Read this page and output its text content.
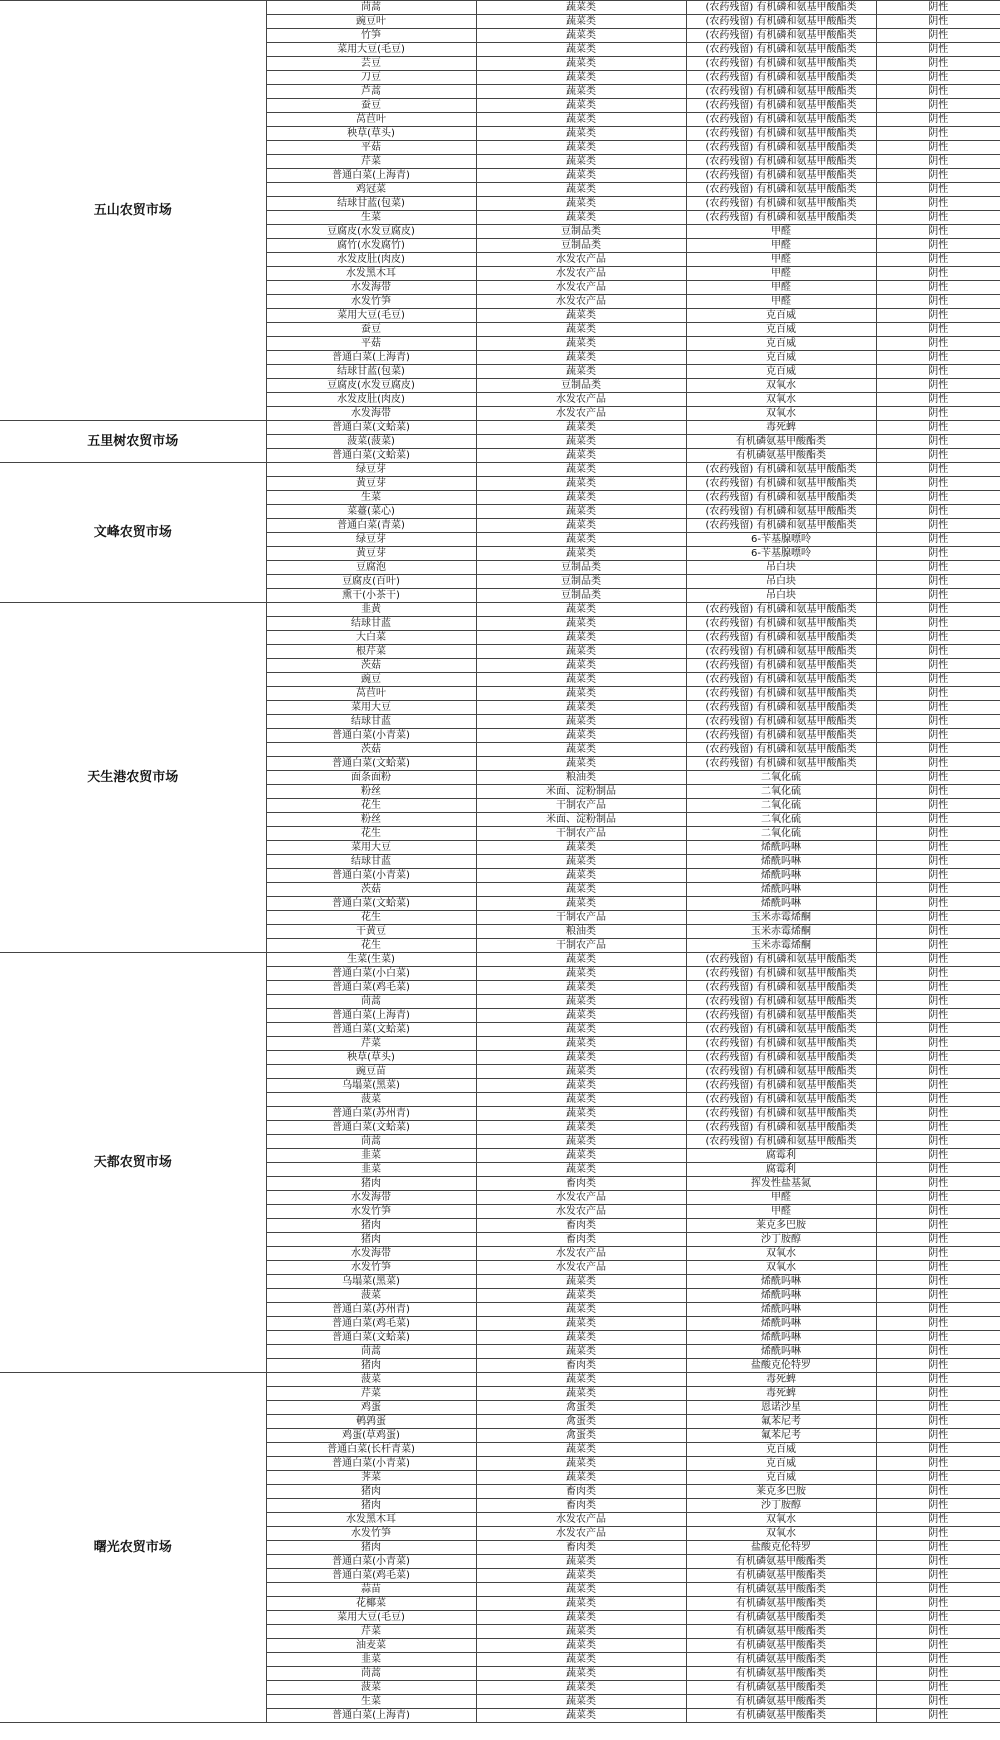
五山农贸市场	茼蒿	蔬菜类	(农药残留) 有机磷和氨基甲酸酯类	阴性
	豌豆叶	蔬菜类	(农药残留) 有机磷和氨基甲酸酯类	阴性
	竹笋	蔬菜类	(农药残留) 有机磷和氨基甲酸酯类	阴性
	菜用大豆(毛豆)	蔬菜类	(农药残留) 有机磷和氨基甲酸酯类	阴性
	芸豆	蔬菜类	(农药残留) 有机磷和氨基甲酸酯类	阴性
	刀豆	蔬菜类	(农药残留) 有机磷和氨基甲酸酯类	阴性
	芦蒿	蔬菜类	(农药残留) 有机磷和氨基甲酸酯类	阴性
	蚕豆	蔬菜类	(农药残留) 有机磷和氨基甲酸酯类	阴性
	莴苣叶	蔬菜类	(农药残留) 有机磷和氨基甲酸酯类	阴性
	秧草(草头)	蔬菜类	(农药残留) 有机磷和氨基甲酸酯类	阴性
	平菇	蔬菜类	(农药残留) 有机磷和氨基甲酸酯类	阴性
	芹菜	蔬菜类	(农药残留) 有机磷和氨基甲酸酯类	阴性
	普通白菜(上海青)	蔬菜类	(农药残留) 有机磷和氨基甲酸酯类	阴性
	鸡冠菜	蔬菜类	(农药残留) 有机磷和氨基甲酸酯类	阴性
	结球甘蓝(包菜)	蔬菜类	(农药残留) 有机磷和氨基甲酸酯类	阴性
	生菜	蔬菜类	(农药残留) 有机磷和氨基甲酸酯类	阴性
	豆腐皮(水发豆腐皮)	豆制品类	甲醛	阴性
	腐竹(水发腐竹)	豆制品类	甲醛	阴性
	水发皮肚(肉皮)	水发农产品	甲醛	阴性
	水发黑木耳	水发农产品	甲醛	阴性
	水发海带	水发农产品	甲醛	阴性
	水发竹笋	水发农产品	甲醛	阴性
	菜用大豆(毛豆)	蔬菜类	克百威	阴性
	蚕豆	蔬菜类	克百威	阴性
	平菇	蔬菜类	克百威	阴性
	普通白菜(上海青)	蔬菜类	克百威	阴性
	结球甘蓝(包菜)	蔬菜类	克百威	阴性
	豆腐皮(水发豆腐皮)	豆制品类	双氧水	阴性
	水发皮肚(肉皮)	水发农产品	双氧水	阴性
	水发海带	水发农产品	双氧水	阴性
五里树农贸市场	普通白菜(文蛤菜)	蔬菜类	毒死蜱	阴性
	菠菜(菠菜)	蔬菜类	有机磷氨基甲酸酯类	阴性
	普通白菜(文蛤菜)	蔬菜类	有机磷氨基甲酸酯类	阴性
文峰农贸市场	绿豆芽	蔬菜类	(农药残留) 有机磷和氨基甲酸酯类	阴性
	黄豆芽	蔬菜类	(农药残留) 有机磷和氨基甲酸酯类	阴性
	生菜	蔬菜类	(农药残留) 有机磷和氨基甲酸酯类	阴性
	菜薹(菜心)	蔬菜类	(农药残留) 有机磷和氨基甲酸酯类	阴性
	普通白菜(青菜)	蔬菜类	(农药残留) 有机磷和氨基甲酸酯类	阴性
	绿豆芽	蔬菜类	6-苄基腺嘌呤	阴性
	黄豆芽	蔬菜类	6-苄基腺嘌呤	阴性
	豆腐泡	豆制品类	吊白块	阴性
	豆腐皮(百叶)	豆制品类	吊白块	阴性
	熏干(小茶干)	豆制品类	吊白块	阴性
天生港农贸市场	韭黄	蔬菜类	(农药残留) 有机磷和氨基甲酸酯类	阴性
	结球甘蓝	蔬菜类	(农药残留) 有机磷和氨基甲酸酯类	阴性
	大白菜	蔬菜类	(农药残留) 有机磷和氨基甲酸酯类	阴性
	根芹菜	蔬菜类	(农药残留) 有机磷和氨基甲酸酯类	阴性
	茨菇	蔬菜类	(农药残留) 有机磷和氨基甲酸酯类	阴性
	豌豆	蔬菜类	(农药残留) 有机磷和氨基甲酸酯类	阴性
	莴苣叶	蔬菜类	(农药残留) 有机磷和氨基甲酸酯类	阴性
	菜用大豆	蔬菜类	(农药残留) 有机磷和氨基甲酸酯类	阴性
	结球甘蓝	蔬菜类	(农药残留) 有机磷和氨基甲酸酯类	阴性
	普通白菜(小青菜)	蔬菜类	(农药残留) 有机磷和氨基甲酸酯类	阴性
	茨菇	蔬菜类	(农药残留) 有机磷和氨基甲酸酯类	阴性
	普通白菜(文蛤菜)	蔬菜类	(农药残留) 有机磷和氨基甲酸酯类	阴性
	面条面粉	粮油类	二氧化硫	阴性
	粉丝	米面、淀粉制品	二氧化硫	阴性
	花生	干制农产品	二氧化硫	阴性
	粉丝	米面、淀粉制品	二氧化硫	阴性
	花生	干制农产品	二氧化硫	阴性
	菜用大豆	蔬菜类	烯酰吗啉	阴性
	结球甘蓝	蔬菜类	烯酰吗啉	阴性
	普通白菜(小青菜)	蔬菜类	烯酰吗啉	阴性
	茨菇	蔬菜类	烯酰吗啉	阴性
	普通白菜(文蛤菜)	蔬菜类	烯酰吗啉	阴性
	花生	干制农产品	玉米赤霉烯酮	阴性
	干黄豆	粮油类	玉米赤霉烯酮	阴性
	花生	干制农产品	玉米赤霉烯酮	阴性
天都农贸市场	生菜(生菜)	蔬菜类	(农药残留) 有机磷和氨基甲酸酯类	阴性
	普通白菜(小白菜)	蔬菜类	(农药残留) 有机磷和氨基甲酸酯类	阴性
	普通白菜(鸡毛菜)	蔬菜类	(农药残留) 有机磷和氨基甲酸酯类	阴性
	茼蒿	蔬菜类	(农药残留) 有机磷和氨基甲酸酯类	阴性
	普通白菜(上海青)	蔬菜类	(农药残留) 有机磷和氨基甲酸酯类	阴性
	普通白菜(文蛤菜)	蔬菜类	(农药残留) 有机磷和氨基甲酸酯类	阴性
	芹菜	蔬菜类	(农药残留) 有机磷和氨基甲酸酯类	阴性
	秧草(草头)	蔬菜类	(农药残留) 有机磷和氨基甲酸酯类	阴性
	豌豆苗	蔬菜类	(农药残留) 有机磷和氨基甲酸酯类	阴性
	乌塌菜(黑菜)	蔬菜类	(农药残留) 有机磷和氨基甲酸酯类	阴性
	菠菜	蔬菜类	(农药残留) 有机磷和氨基甲酸酯类	阴性
	普通白菜(苏州青)	蔬菜类	(农药残留) 有机磷和氨基甲酸酯类	阴性
	普通白菜(文蛤菜)	蔬菜类	(农药残留) 有机磷和氨基甲酸酯类	阴性
	茼蒿	蔬菜类	(农药残留) 有机磷和氨基甲酸酯类	阴性
	韭菜	蔬菜类	腐霉利	阴性
	韭菜	蔬菜类	腐霉利	阴性
	猪肉	畜肉类	挥发性盐基氮	阴性
	水发海带	水发农产品	甲醛	阴性
	水发竹笋	水发农产品	甲醛	阴性
	猪肉	畜肉类	莱克多巴胺	阴性
	猪肉	畜肉类	沙丁胺醇	阴性
	水发海带	水发农产品	双氧水	阴性
	水发竹笋	水发农产品	双氧水	阴性
	乌塌菜(黑菜)	蔬菜类	烯酰吗啉	阴性
	菠菜	蔬菜类	烯酰吗啉	阴性
	普通白菜(苏州青)	蔬菜类	烯酰吗啉	阴性
	普通白菜(鸡毛菜)	蔬菜类	烯酰吗啉	阴性
	普通白菜(文蛤菜)	蔬菜类	烯酰吗啉	阴性
	茼蒿	蔬菜类	烯酰吗啉	阴性
	猪肉	畜肉类	盐酸克伦特罗	阴性
曙光农贸市场	菠菜	蔬菜类	毒死蜱	阴性
	芹菜	蔬菜类	毒死蜱	阴性
	鸡蛋	禽蛋类	恩诺沙星	阴性
	鹌鹑蛋	禽蛋类	氟苯尼考	阴性
	鸡蛋(草鸡蛋)	禽蛋类	氟苯尼考	阴性
	普通白菜(长杆青菜)	蔬菜类	克百威	阴性
	普通白菜(小青菜)	蔬菜类	克百威	阴性
	荠菜	蔬菜类	克百威	阴性
	猪肉	畜肉类	莱克多巴胺	阴性
	猪肉	畜肉类	沙丁胺醇	阴性
	水发黑木耳	水发农产品	双氧水	阴性
	水发竹笋	水发农产品	双氧水	阴性
	猪肉	畜肉类	盐酸克伦特罗	阴性
	普通白菜(小青菜)	蔬菜类	有机磷氨基甲酸酯类	阴性
	普通白菜(鸡毛菜)	蔬菜类	有机磷氨基甲酸酯类	阴性
	蒜苗	蔬菜类	有机磷氨基甲酸酯类	阴性
	花椰菜	蔬菜类	有机磷氨基甲酸酯类	阴性
	菜用大豆(毛豆)	蔬菜类	有机磷氨基甲酸酯类	阴性
	芹菜	蔬菜类	有机磷氨基甲酸酯类	阴性
	油麦菜	蔬菜类	有机磷氨基甲酸酯类	阴性
	韭菜	蔬菜类	有机磷氨基甲酸酯类	阴性
	茼蒿	蔬菜类	有机磷氨基甲酸酯类	阴性
	菠菜	蔬菜类	有机磷氨基甲酸酯类	阴性
	生菜	蔬菜类	有机磷氨基甲酸酯类	阴性
	普通白菜(上海青)	蔬菜类	有机磷氨基甲酸酯类	阴性
